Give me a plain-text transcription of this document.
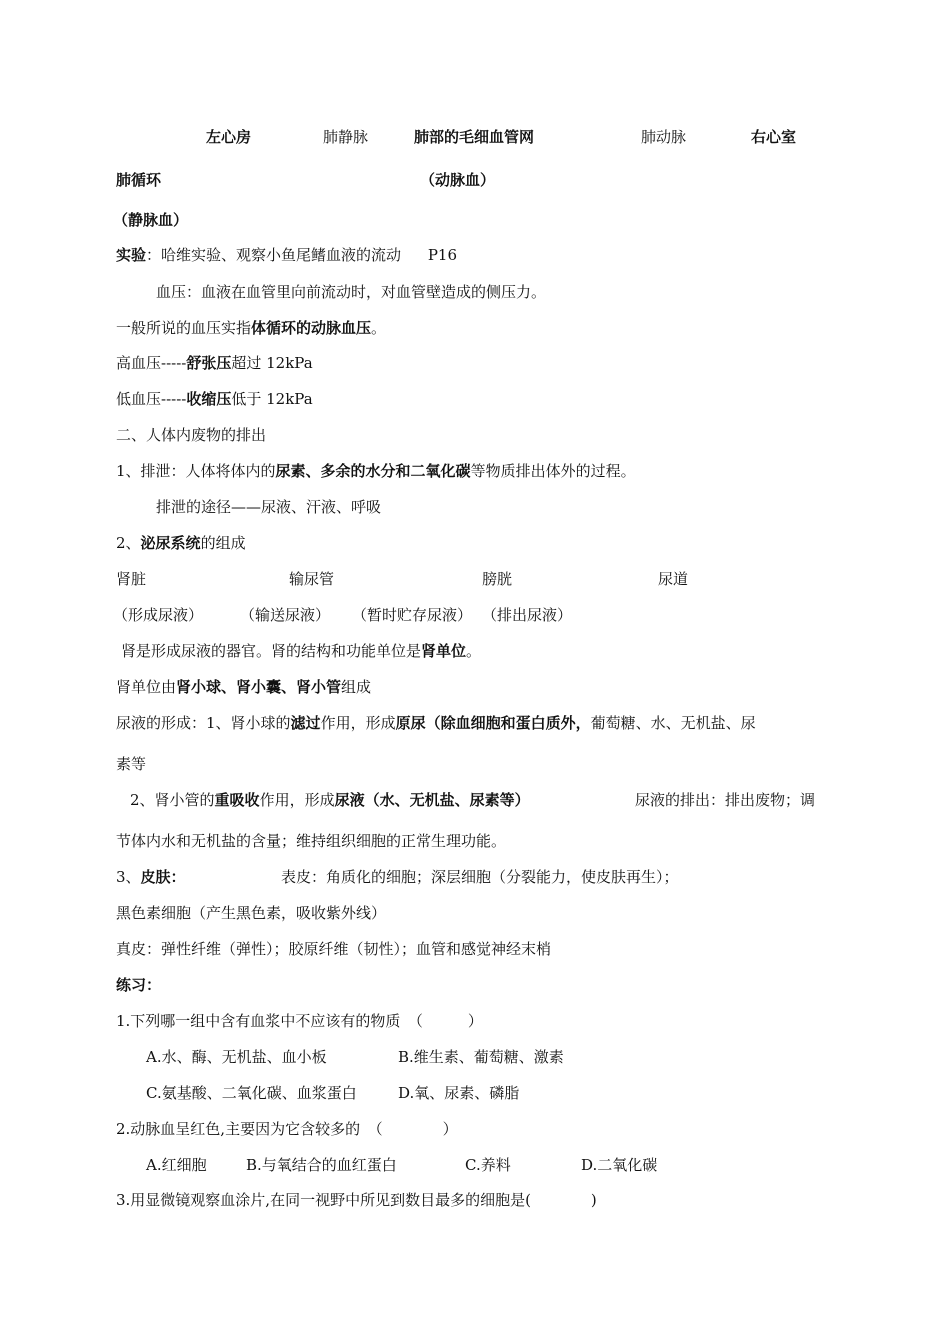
左心房	肺静脉	肺部的毛细血管网	肺动脉	右心室
肺循环	（动脉血）
（静脉血）
实验：哈维实验、观察小鱼尾鳍血液的流动 P16
血压：血液在血管里向前流动时，对血管壁造成的侧压力。
一般所说的血压实指体循环的动脉血压。
高血压-----舒张压超过 12kPa
低血压-----收缩压低于 12kPa
二、人体内废物的排出
1、排泄：人体将体内的尿素、多余的水分和二氧化碳等物质排出体外的过程。
排泄的途径——尿液、汗液、呼吸
2、泌尿系统的组成
肾脏	输尿管	膀胱	尿道
（形成尿液） （输送尿液） （暂时贮存尿液） （排出尿液）
肾是形成尿液的器官。肾的结构和功能单位是肾单位。
肾单位由肾小球、肾小囊、肾小管组成
尿液的形成：1、肾小球的滤过作用，形成原尿（除血细胞和蛋白质外，葡萄糖、水、无机盐、尿
素等
2、肾小管的重吸收作用，形成尿液（水、无机盐、尿素等）	尿液的排出：排出废物；调
节体内水和无机盐的含量；维持组织细胞的正常生理功能。
3、皮肤：	表皮：角质化的细胞；深层细胞（分裂能力，使皮肤再生）；
黑色素细胞（产生黑色素，吸收紫外线）
真皮：弹性纤维（弹性）；胶原纤维（韧性）；血管和感觉神经末梢
练习：
1.下列哪一组中含有血浆中不应该有的物质　（　　　）
A.水、酶、无机盐、血小板	B.维生素、葡萄糖、激素
C.氨基酸、二氧化碳、血浆蛋白	D.氧、尿素、磷脂
2.动脉血呈红色,主要因为它含较多的　（　　　　）
A.红细胞	B.与氧结合的血红蛋白	C.养料	D.二氧化碳
3.用显微镜观察血涂片,在同一视野中所见到数目最多的细胞是(　　　　)
